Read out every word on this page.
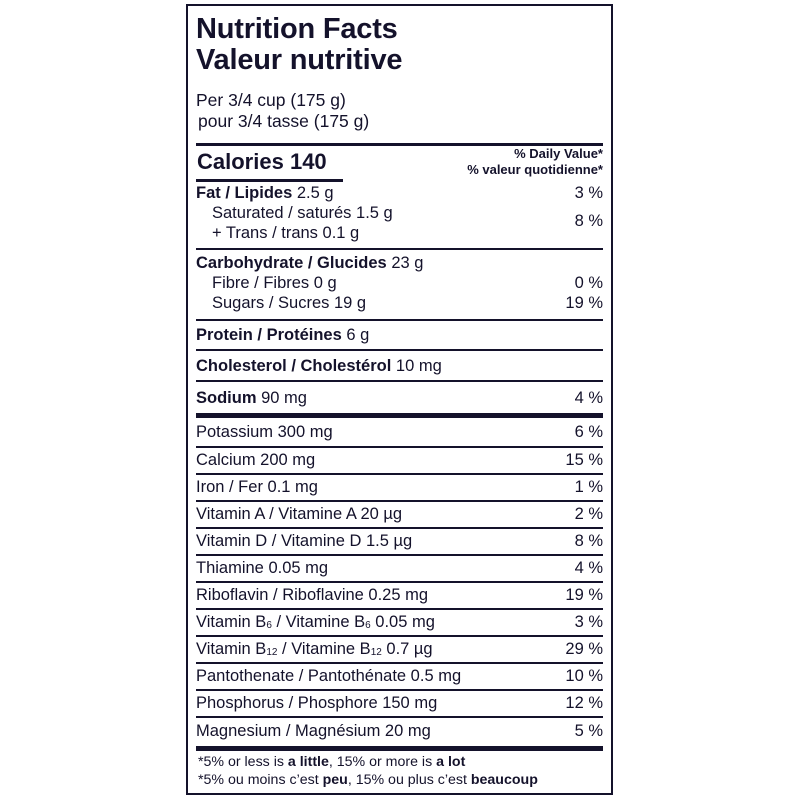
Nutrition Facts
Valeur nutritive
Per 3/4 cup (175 g)
pour 3/4 tasse (175 g)
Calories 140	% Daily Value*
% valeur quotidienne*
Fat / Lipides 2.5 g	3 %
Saturated / saturés 1.5 g	8 %
+ Trans / trans 0.1 g
Carbohydrate / Glucides 23 g
Fibre / Fibres 0 g	0 %
Sugars / Sucres 19 g	19 %
Protein / Protéines 6 g
Cholesterol / Cholestérol 10 mg
Sodium 90 mg	4 %
Potassium 300 mg	6 %
Calcium 200 mg	15 %
Iron / Fer 0.1 mg	1 %
Vitamin A / Vitamine A 20 µg	2 %
Vitamin D / Vitamine D 1.5 µg	8 %
Thiamine 0.05 mg	4 %
Riboflavin / Riboflavine 0.25 mg	19 %
Vitamin $B_6$ / Vitamine $B_6$ 0.05 mg	3 %
Vitamin $B_{12}$ / Vitamine $B_{12}$ 0.7 µg	29 %
Pantothenate / Pantothénate 0.5 mg	10 %
Phosphorus / Phosphore 150 mg	12 %
Magnesium / Magnésium 20 mg	5 %
*5% or less is a little, 15% or more is a lot
*5% ou moins c’est peu, 15% ou plus c’est beaucoup
